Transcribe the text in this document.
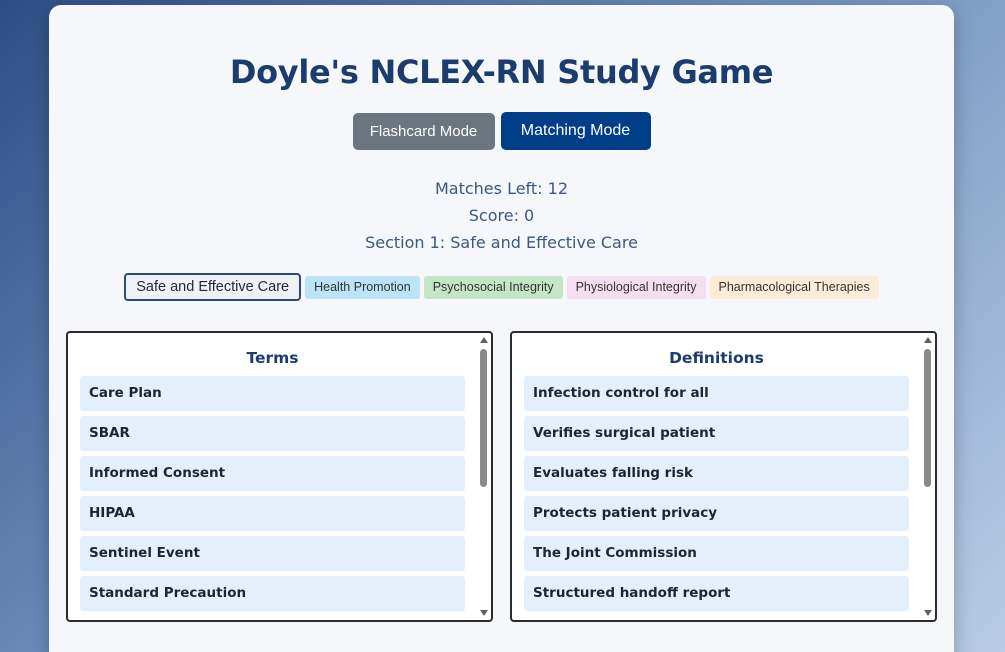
Doyle's NCLEX-RN Study Game
Flashcard Mode	Matching Mode
Matches Left: 12
Score: 0
Section 1: Safe and Effective Care
Safe and Effective Care Health Promotion Psychosocial Integrity Physiological Integrity Pharmacological Therapies
Terms
Care Plan
SBAR
Informed Consent
HIPAA
Sentinel Event
Standard Precaution
Definitions
Infection control for all
Verifies surgical patient
Evaluates falling risk
Protects patient privacy
The Joint Commission
Structured handoff report
